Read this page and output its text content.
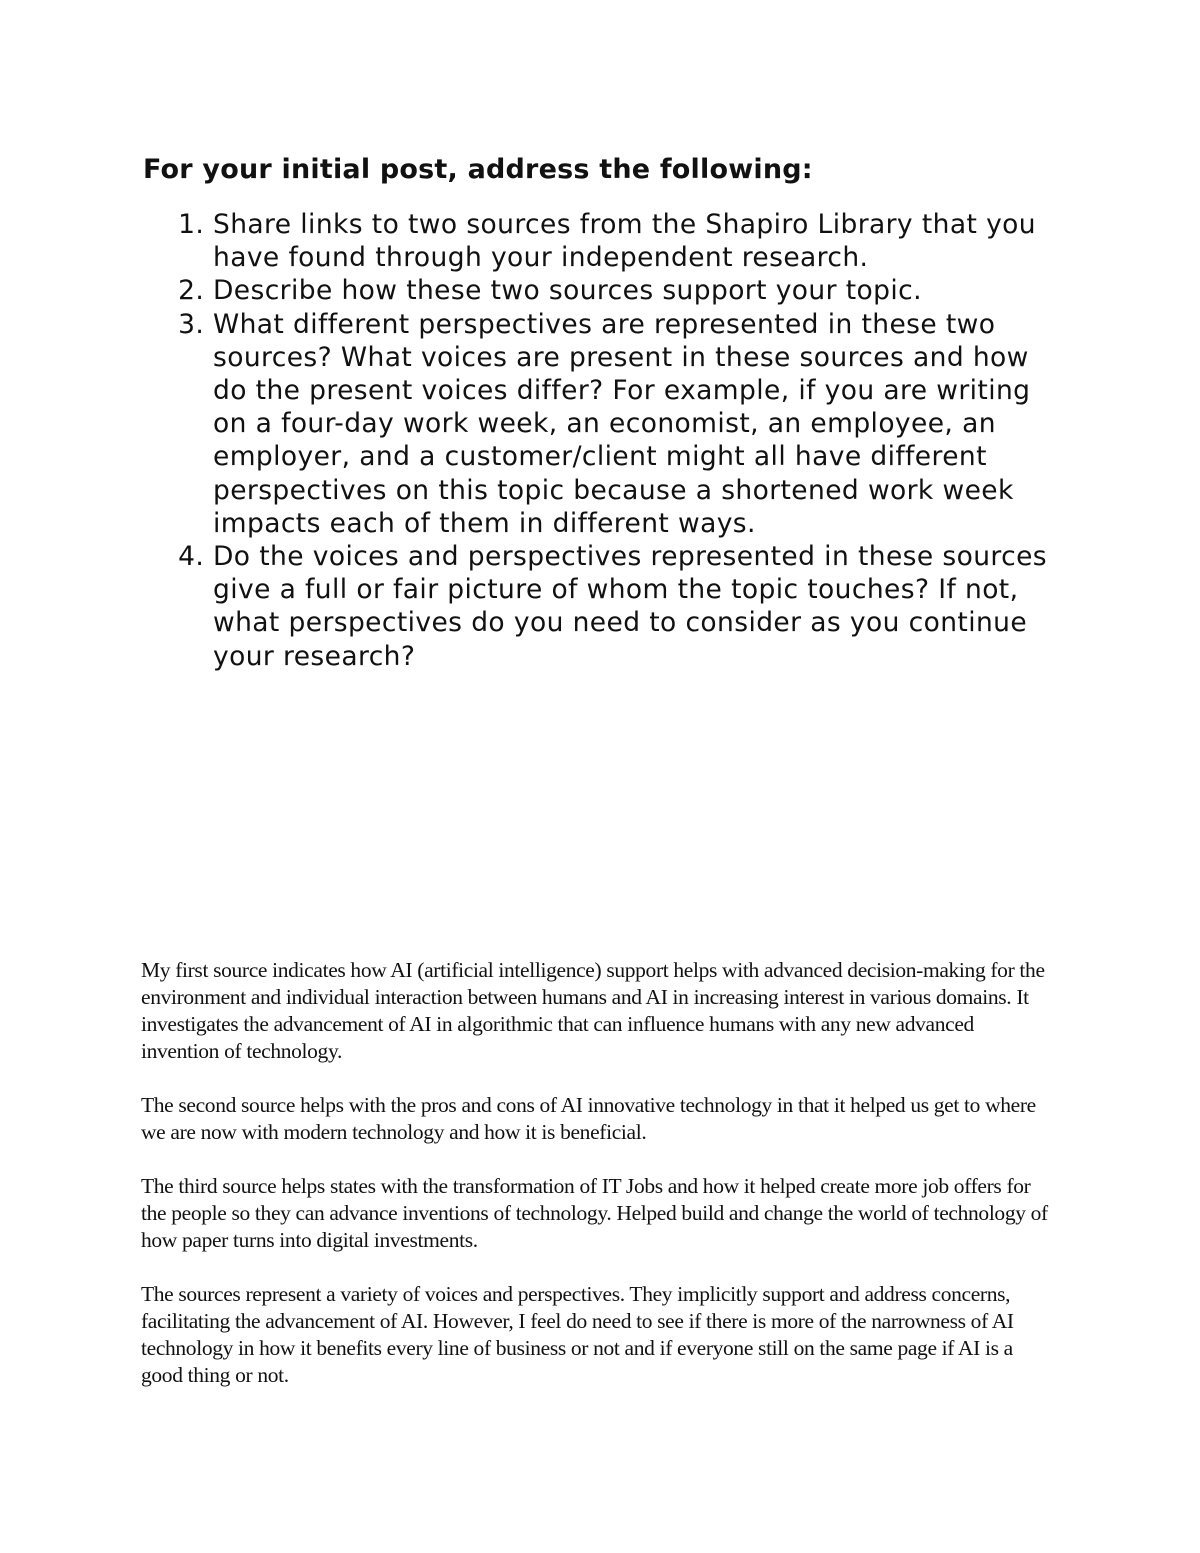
For your initial post, address the following:
1. Share links to two sources from the Shapiro Library that you have found through your independent research.
2. Describe how these two sources support your topic.
3. What different perspectives are represented in these two sources? What voices are present in these sources and how do the present voices differ? For example, if you are writing on a four-day work week, an economist, an employee, an employer, and a customer/client might all have different perspectives on this topic because a shortened work week impacts each of them in different ways.
4. Do the voices and perspectives represented in these sources give a full or fair picture of whom the topic touches? If not, what perspectives do you need to consider as you continue your research?

My first source indicates how AI (artificial intelligence) support helps with advanced decision-making for the environment and individual interaction between humans and AI in increasing interest in various domains. It investigates the advancement of AI in algorithmic that can influence humans with any new advanced invention of technology.

The second source helps with the pros and cons of AI innovative technology in that it helped us get to where we are now with modern technology and how it is beneficial.

The third source helps states with the transformation of IT Jobs and how it helped create more job offers for the people so they can advance inventions of technology. Helped build and change the world of technology of how paper turns into digital investments.

The sources represent a variety of voices and perspectives. They implicitly support and address concerns, facilitating the advancement of AI. However, I feel do need to see if there is more of the narrowness of AI technology in how it benefits every line of business or not and if everyone still on the same page if AI is a good thing or not.
